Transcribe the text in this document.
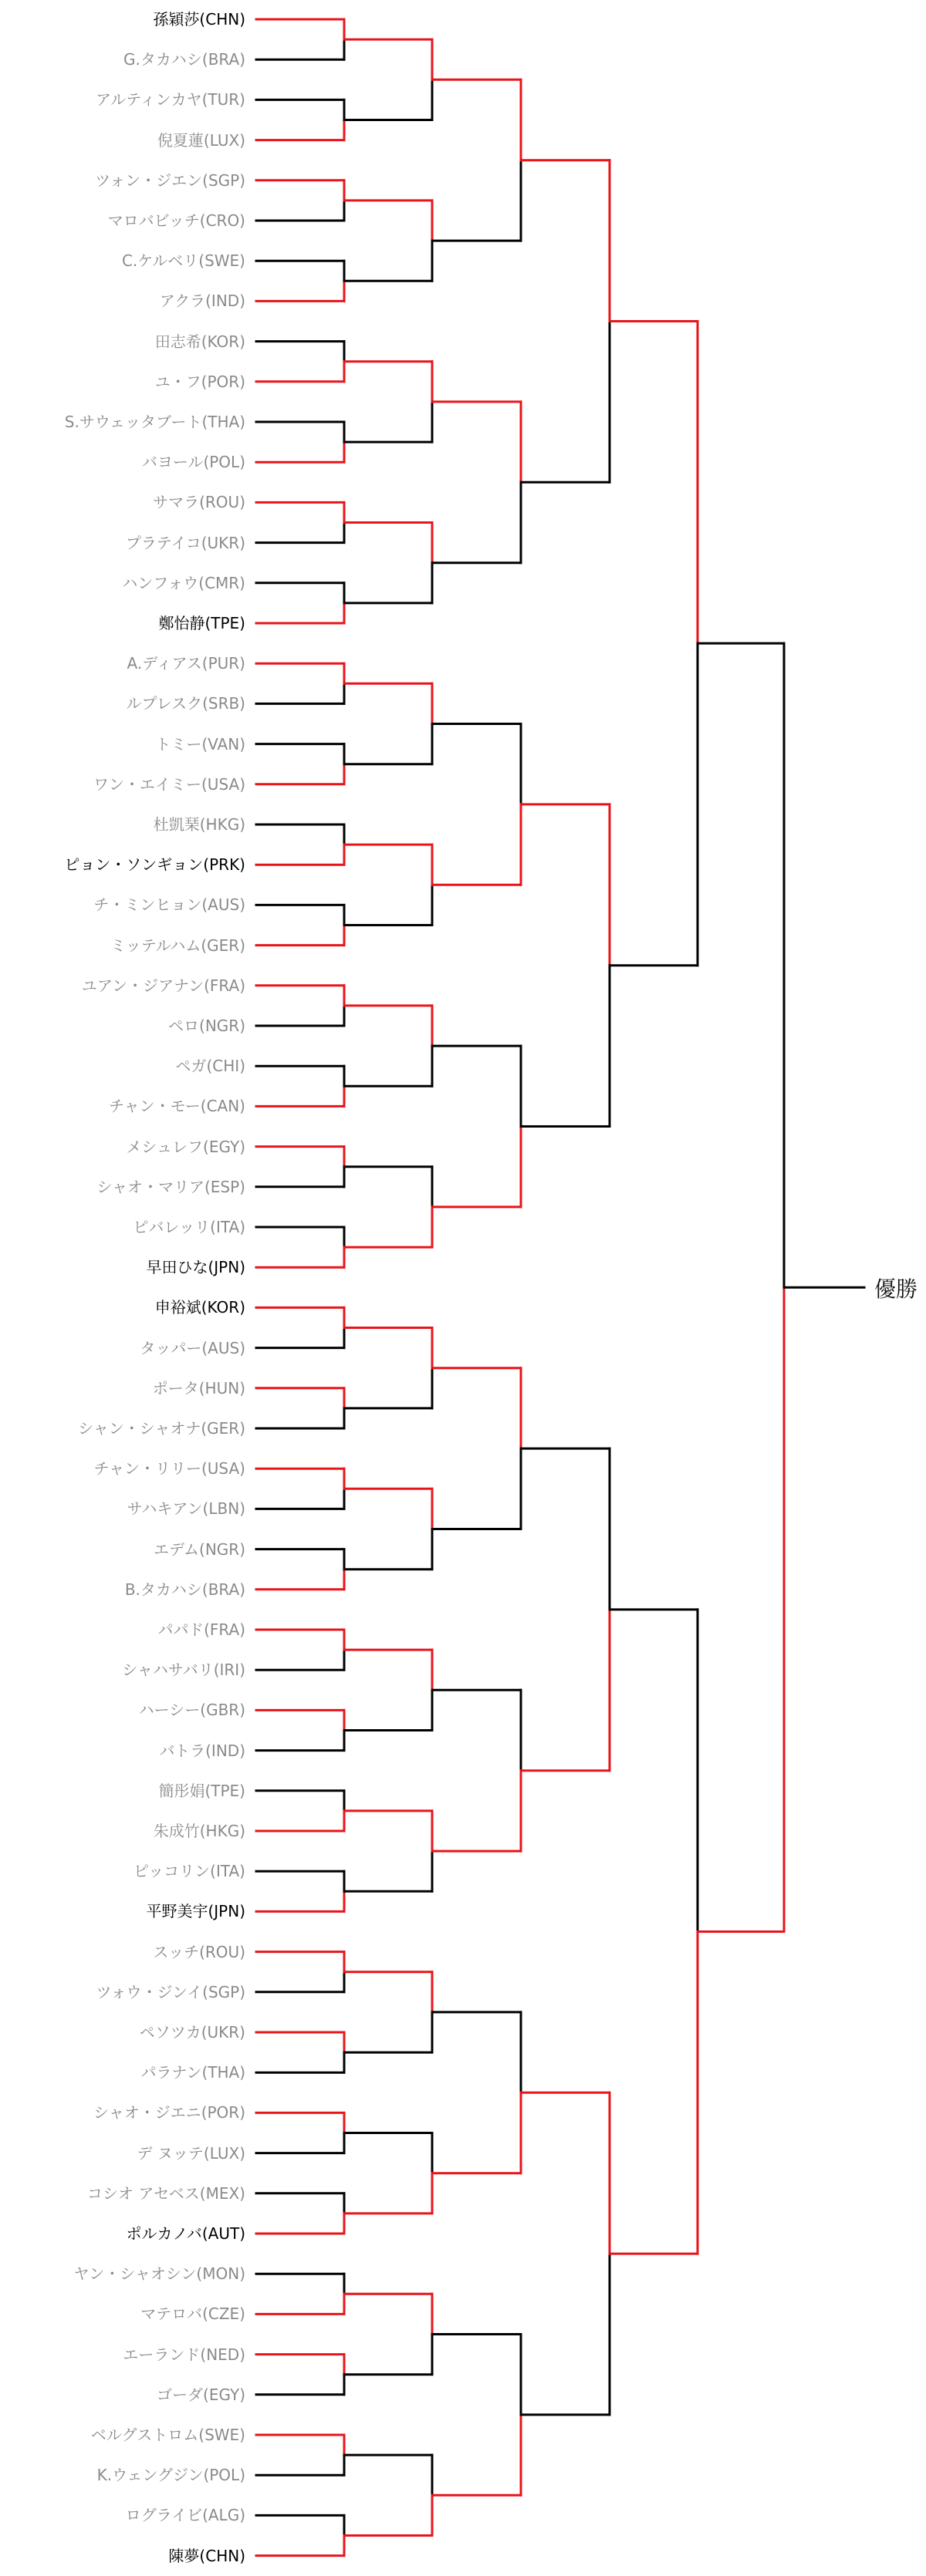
孫穎莎(CHN)
G.タカハシ(BRA)
アルティンカヤ(TUR)
倪夏蓮(LUX)
ツォン・ジエン(SGP)
マロバビッチ(CRO)
C.ケルベリ(SWE)
アクラ(IND)
田志希(KOR)
ユ・フ(POR)
S.サウェッタブート(THA)
バヨール(POL)
サマラ(ROU)
プラテイコ(UKR)
ハンフォウ(CMR)
鄭怡静(TPE)
A.ディアス(PUR)
ルプレスク(SRB)
トミー(VAN)
ワン・エイミー(USA)
杜凱琹(HKG)
ピョン・ソンギョン(PRK)
チ・ミンヒョン(AUS)
ミッテルハム(GER)
ユアン・ジアナン(FRA)
ペロ(NGR)
ペガ(CHI)
チャン・モー(CAN)
メシュレフ(EGY)
シャオ・マリア(ESP)
ピバレッリ(ITA)
早田ひな(JPN)
申裕斌(KOR)
タッパー(AUS)
ポータ(HUN)
シャン・シャオナ(GER)
チャン・リリー(USA)
サハキアン(LBN)
エデム(NGR)
B.タカハシ(BRA)
パパド(FRA)
シャハサバリ(IRI)
ハーシー(GBR)
バトラ(IND)
簡彤娟(TPE)
朱成竹(HKG)
ピッコリン(ITA)
平野美宇(JPN)
スッチ(ROU)
ツォウ・ジンイ(SGP)
ペソツカ(UKR)
パラナン(THA)
シャオ・ジエニ(POR)
デ ヌッテ(LUX)
コシオ アセベス(MEX)
ポルカノバ(AUT)
ヤン・シャオシン(MON)
マテロバ(CZE)
エーランド(NED)
ゴーダ(EGY)
ベルグストロム(SWE)
K.ウェングジン(POL)
ログライビ(ALG)
陳夢(CHN)
優勝
